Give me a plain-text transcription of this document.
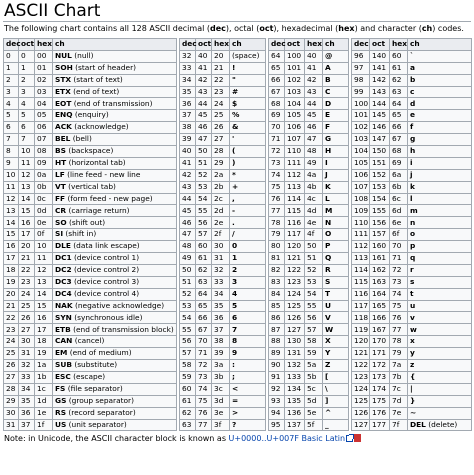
ASCII Chart
The following chart contains all 128 ASCII decimal (dec), octal (oct), hexadecimal (hex) and character (ch) codes.
dec	oct	hex	ch		dec	oct	hex	ch		dec	oct	hex	ch		dec	oct	hex	ch
0	0	00	NUL (null)		32	40	20	(space)		64	100	40	@		96	140	60	`
1	1	01	SOH (start of header)		33	41	21	!		65	101	41	A		97	141	61	a
2	2	02	STX (start of text)		34	42	22	"		66	102	42	B		98	142	62	b
3	3	03	ETX (end of text)		35	43	23	#		67	103	43	C		99	143	63	c
4	4	04	EOT (end of transmission)		36	44	24	$		68	104	44	D		100	144	64	d
5	5	05	ENQ (enquiry)		37	45	25	%		69	105	45	E		101	145	65	e
6	6	06	ACK (acknowledge)		38	46	26	&		70	106	46	F		102	146	66	f
7	7	07	BEL (bell)		39	47	27	'		71	107	47	G		103	147	67	g
8	10	08	BS (backspace)		40	50	28	(		72	110	48	H		104	150	68	h
9	11	09	HT (horizontal tab)		41	51	29	)		73	111	49	I		105	151	69	i
10	12	0a	LF (line feed - new line		42	52	2a	*		74	112	4a	J		106	152	6a	j
11	13	0b	VT (vertical tab)		43	53	2b	+		75	113	4b	K		107	153	6b	k
12	14	0c	FF (form feed - new page)		44	54	2c	,		76	114	4c	L		108	154	6c	l
13	15	0d	CR (carriage return)		45	55	2d	-		77	115	4d	M		109	155	6d	m
14	16	0e	SO (shift out)		46	56	2e	.		78	116	4e	N		110	156	6e	n
15	17	0f	SI (shift in)		47	57	2f	/		79	117	4f	O		111	157	6f	o
16	20	10	DLE (data link escape)		48	60	30	0		80	120	50	P		112	160	70	p
17	21	11	DC1 (device control 1)		49	61	31	1		81	121	51	Q		113	161	71	q
18	22	12	DC2 (device control 2)		50	62	32	2		82	122	52	R		114	162	72	r
19	23	13	DC3 (device control 3)		51	63	33	3		83	123	53	S		115	163	73	s
20	24	14	DC4 (device control 4)		52	64	34	4		84	124	54	T		116	164	74	t
21	25	15	NAK (negative acknowledge)		53	65	35	5		85	125	55	U		117	165	75	u
22	26	16	SYN (synchronous idle)		54	66	36	6		86	126	56	V		118	166	76	v
23	27	17	ETB (end of transmission block)		55	67	37	7		87	127	57	W		119	167	77	w
24	30	18	CAN (cancel)		56	70	38	8		88	130	58	X		120	170	78	x
25	31	19	EM (end of medium)		57	71	39	9		89	131	59	Y		121	171	79	y
26	32	1a	SUB (substitute)		58	72	3a	:		90	132	5a	Z		122	172	7a	z
27	33	1b	ESC (escape)		59	73	3b	;		91	133	5b	[		123	173	7b	{
28	34	1c	FS (file separator)		60	74	3c	<		92	134	5c	\		124	174	7c	|
29	35	1d	GS (group separator)		61	75	3d	=		93	135	5d	]		125	175	7d	}
30	36	1e	RS (record separator)		62	76	3e	>		94	136	5e	^		126	176	7e	~
31	37	1f	US (unit separator)		63	77	3f	?		95	137	5f	_		127	177	7f	DEL (delete)
Note: in Unicode, the ASCII character block is known as U+0000..U+007F Basic Latin
